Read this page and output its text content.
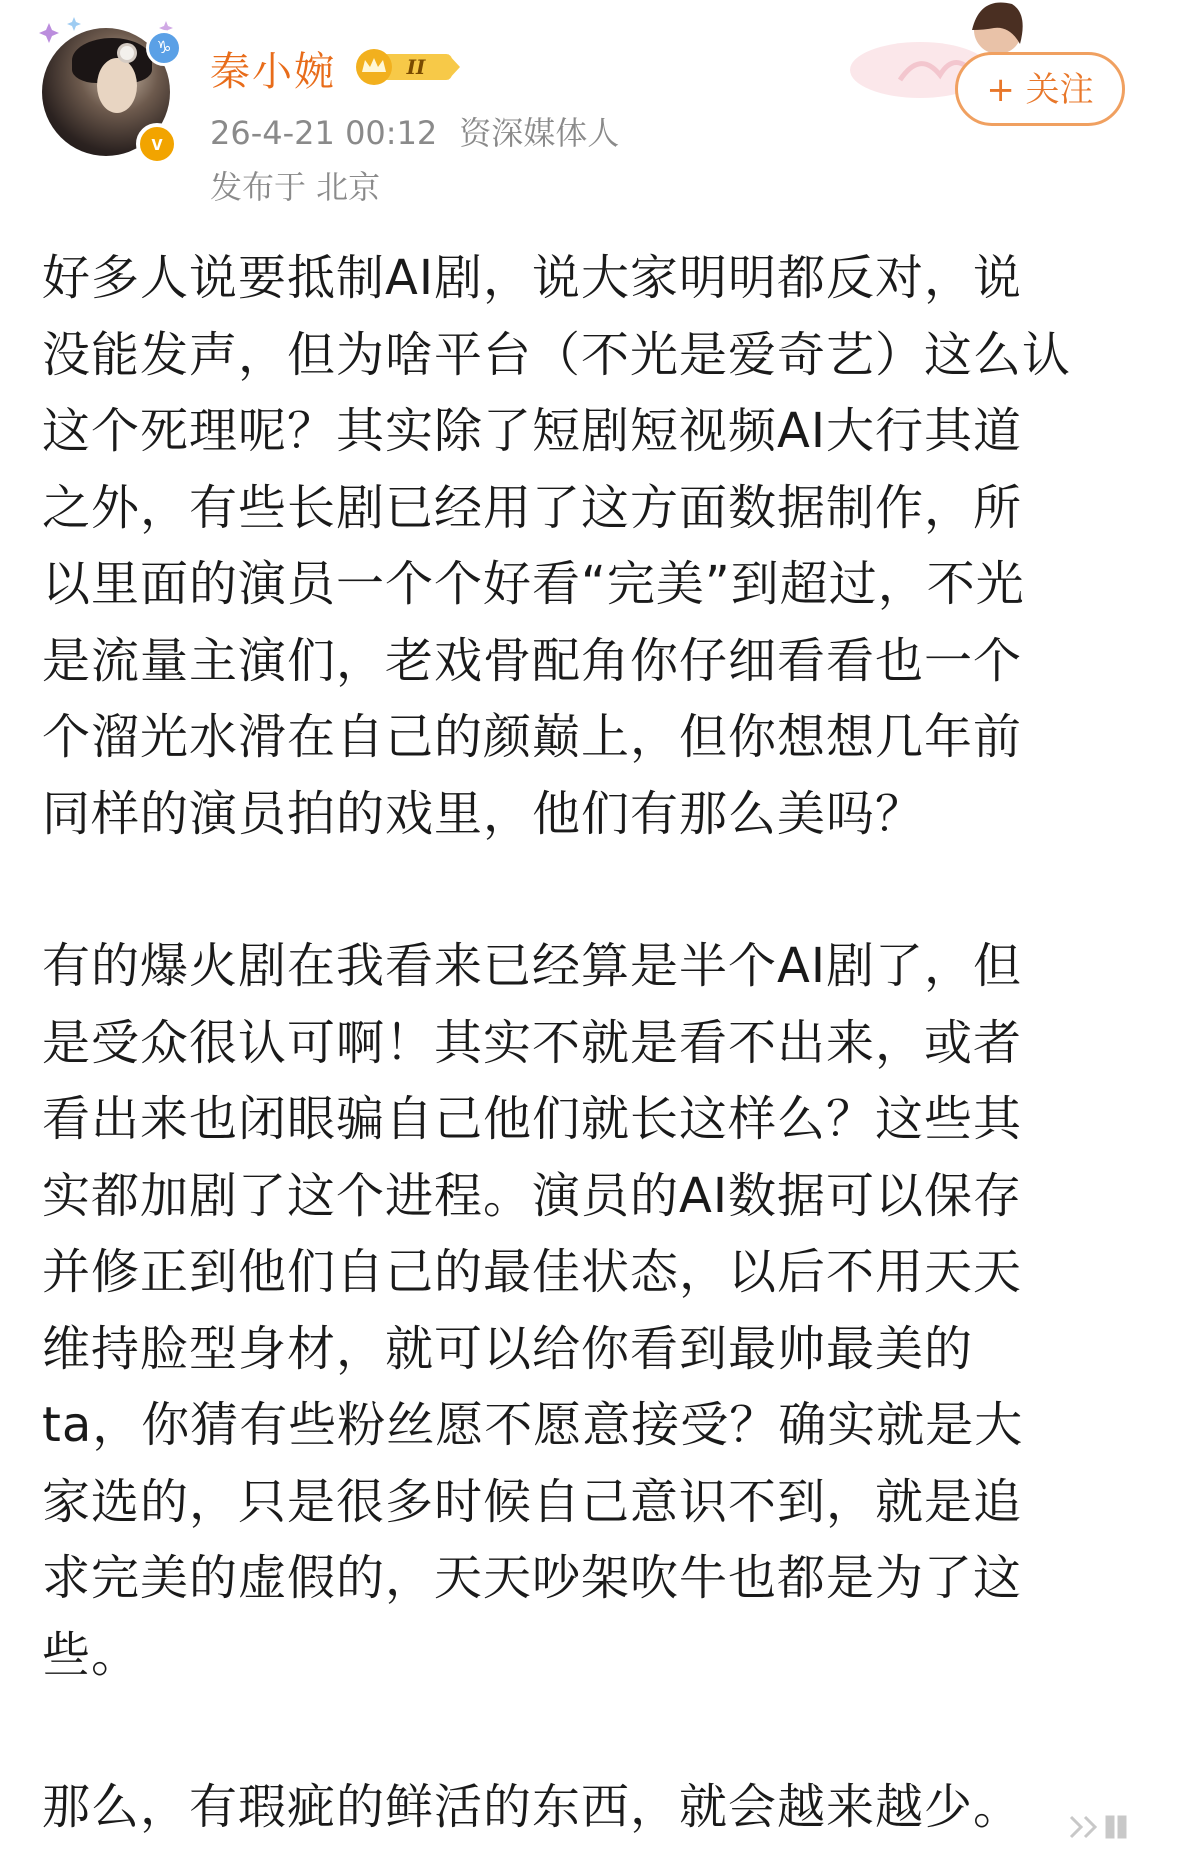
♑
v
秦小婉	II
26-4-21 00:12 资深媒体人
发布于 北京
+ 关注

好多人说要抵制AI剧，说大家明明都反对，说
没能发声，但为啥平台（不光是爱奇艺）这么认
这个死理呢？其实除了短剧短视频AI大行其道
之外，有些长剧已经用了这方面数据制作，所
以里面的演员一个个好看“完美”到超过，不光
是流量主演们，老戏骨配角你仔细看看也一个
个溜光水滑在自己的颜巅上，但你想想几年前
同样的演员拍的戏里，他们有那么美吗？

有的爆火剧在我看来已经算是半个AI剧了，但
是受众很认可啊！其实不就是看不出来，或者
看出来也闭眼骗自己他们就长这样么？这些其
实都加剧了这个进程。演员的AI数据可以保存
并修正到他们自己的最佳状态，以后不用天天
维持脸型身材，就可以给你看到最帅最美的
ta，你猜有些粉丝愿不愿意接受？确实就是大
家选的，只是很多时候自己意识不到，就是追
求完美的虚假的，天天吵架吹牛也都是为了这
些。

那么，有瑕疵的鲜活的东西，就会越来越少。
